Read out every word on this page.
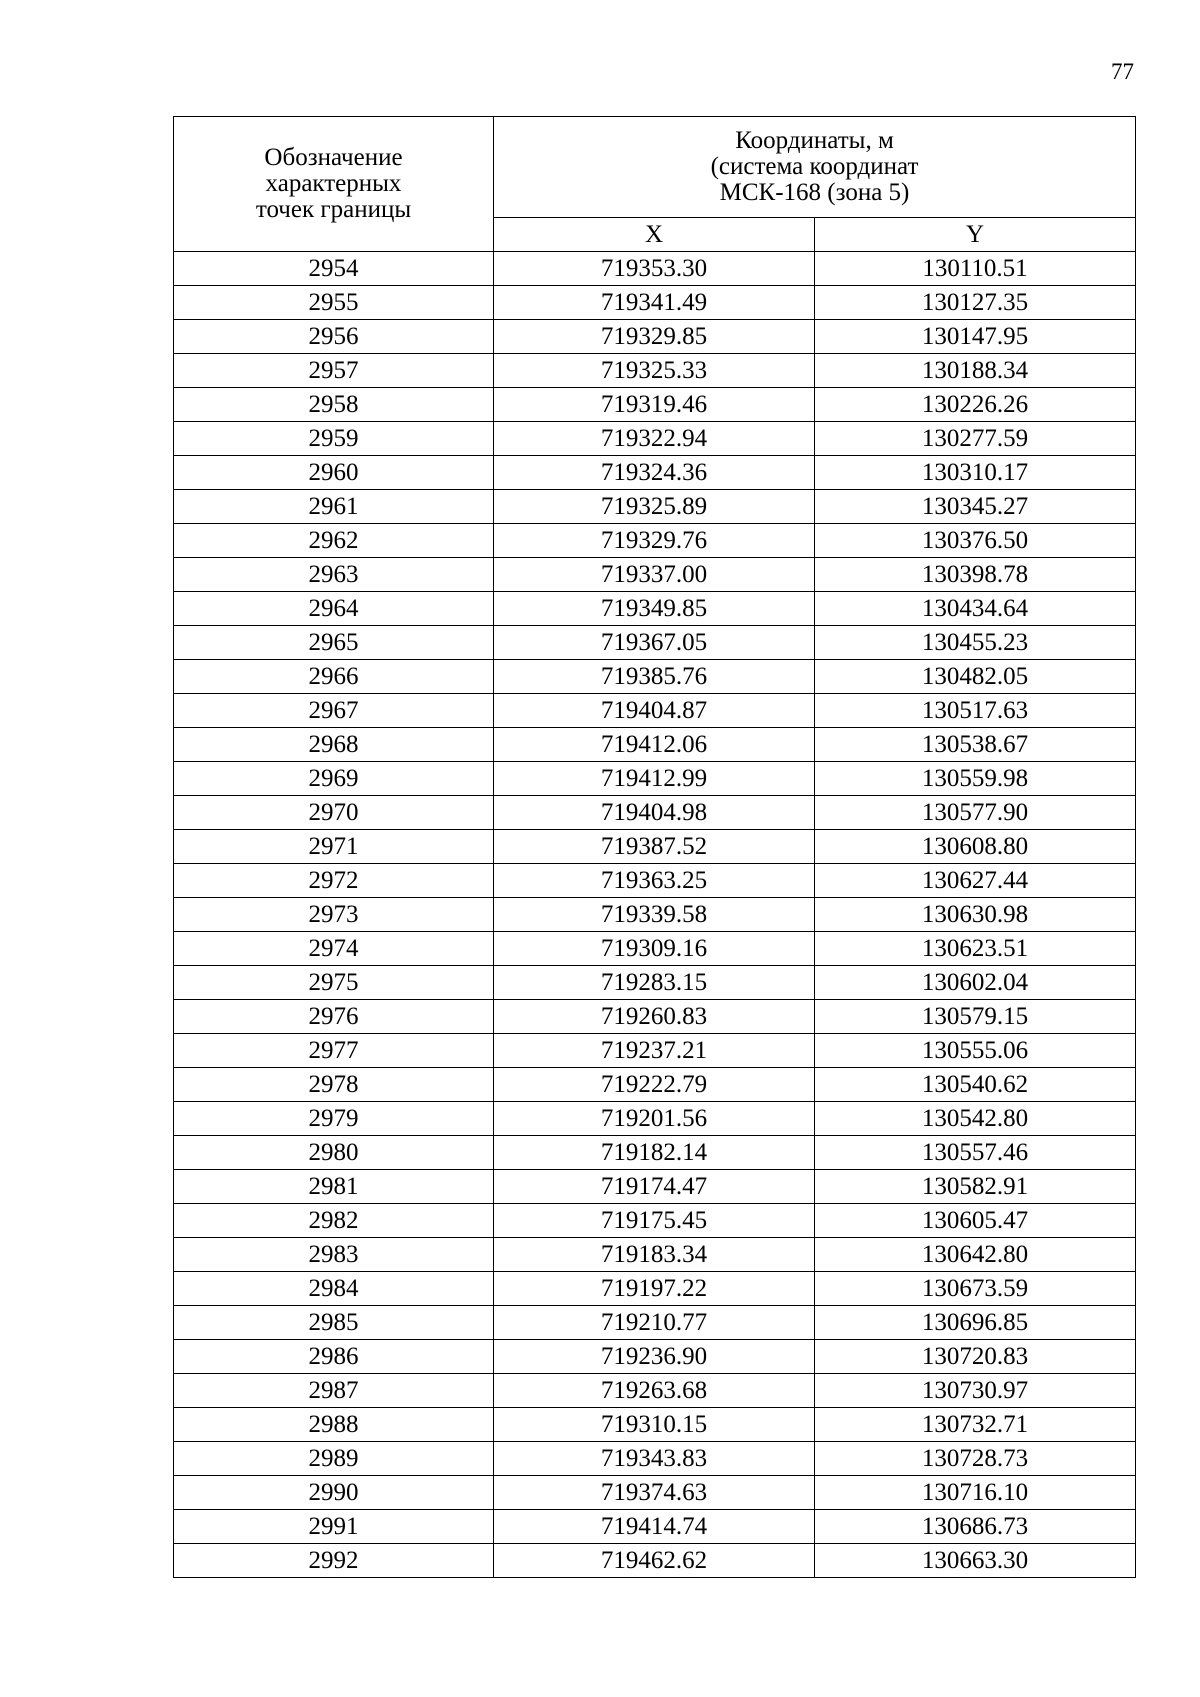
77
Обозначение
характерных
точек границы	Координаты, м
(система координат
МСК-168 (зона 5)	

	X	Y
2954	719353.30	130110.51
2955	719341.49	130127.35
2956	719329.85	130147.95
2957	719325.33	130188.34
2958	719319.46	130226.26
2959	719322.94	130277.59
2960	719324.36	130310.17
2961	719325.89	130345.27
2962	719329.76	130376.50
2963	719337.00	130398.78
2964	719349.85	130434.64
2965	719367.05	130455.23
2966	719385.76	130482.05
2967	719404.87	130517.63
2968	719412.06	130538.67
2969	719412.99	130559.98
2970	719404.98	130577.90
2971	719387.52	130608.80
2972	719363.25	130627.44
2973	719339.58	130630.98
2974	719309.16	130623.51
2975	719283.15	130602.04
2976	719260.83	130579.15
2977	719237.21	130555.06
2978	719222.79	130540.62
2979	719201.56	130542.80
2980	719182.14	130557.46
2981	719174.47	130582.91
2982	719175.45	130605.47
2983	719183.34	130642.80
2984	719197.22	130673.59
2985	719210.77	130696.85
2986	719236.90	130720.83
2987	719263.68	130730.97
2988	719310.15	130732.71
2989	719343.83	130728.73
2990	719374.63	130716.10
2991	719414.74	130686.73
2992	719462.62	130663.30
